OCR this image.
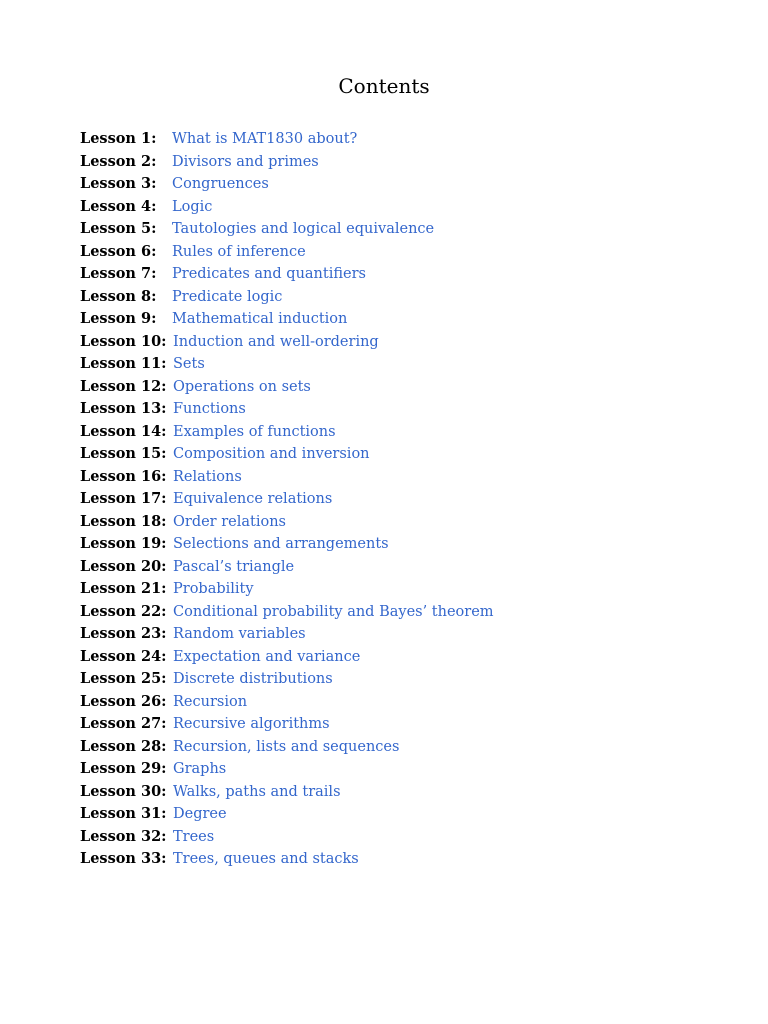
Contents
Lesson 1: What is MAT1830 about?
Lesson 2: Divisors and primes
Lesson 3: Congruences
Lesson 4: Logic
Lesson 5: Tautologies and logical equivalence
Lesson 6: Rules of inference
Lesson 7: Predicates and quantifiers
Lesson 8: Predicate logic
Lesson 9: Mathematical induction
Lesson 10: Induction and well-ordering
Lesson 11: Sets
Lesson 12: Operations on sets
Lesson 13: Functions
Lesson 14: Examples of functions
Lesson 15: Composition and inversion
Lesson 16: Relations
Lesson 17: Equivalence relations
Lesson 18: Order relations
Lesson 19: Selections and arrangements
Lesson 20: Pascal’s triangle
Lesson 21: Probability
Lesson 22: Conditional probability and Bayes’ theorem
Lesson 23: Random variables
Lesson 24: Expectation and variance
Lesson 25: Discrete distributions
Lesson 26: Recursion
Lesson 27: Recursive algorithms
Lesson 28: Recursion, lists and sequences
Lesson 29: Graphs
Lesson 30: Walks, paths and trails
Lesson 31: Degree
Lesson 32: Trees
Lesson 33: Trees, queues and stacks
